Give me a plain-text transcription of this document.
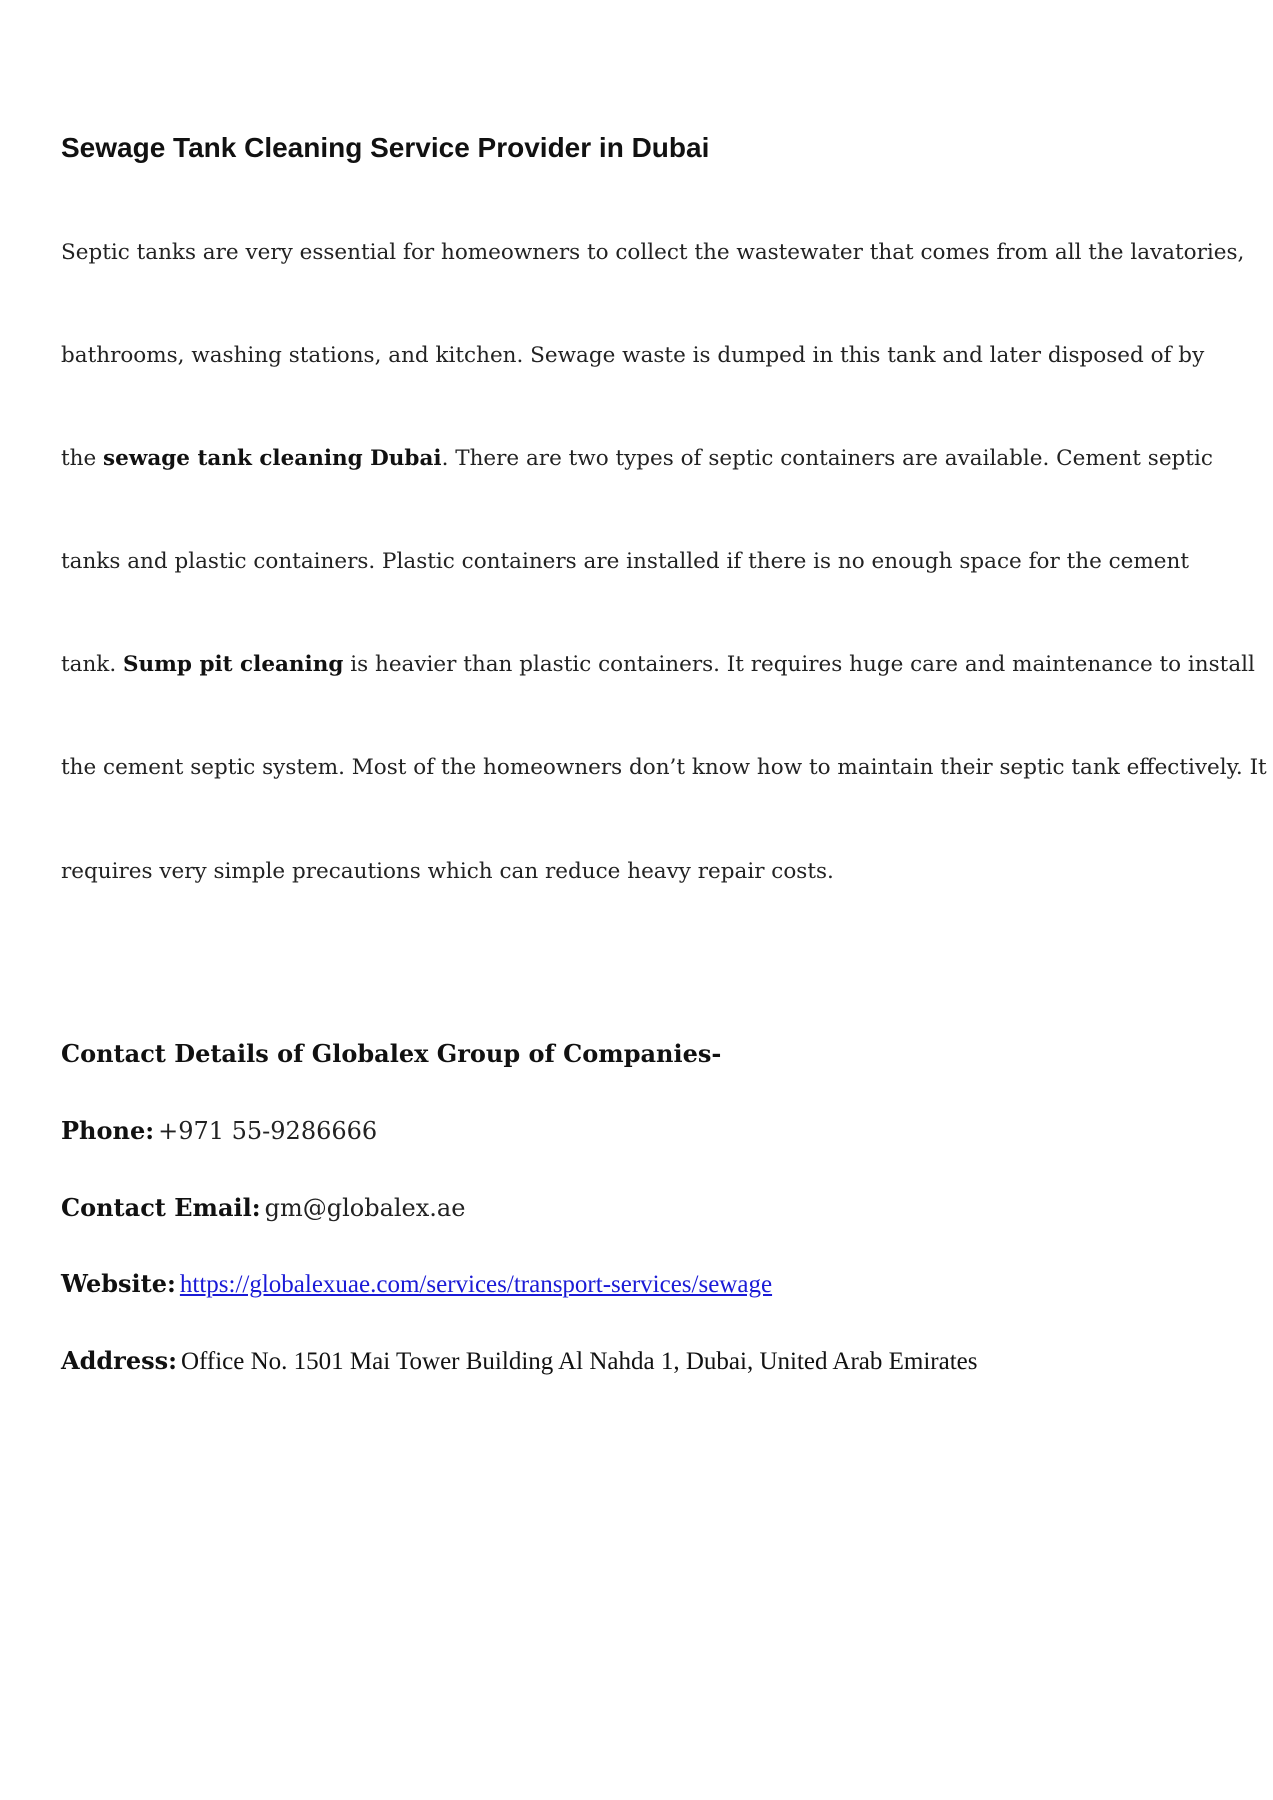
Sewage Tank Cleaning Service Provider in Dubai
Septic tanks are very essential for homeowners to collect the wastewater that comes from all the lavatories,
bathrooms, washing stations, and kitchen. Sewage waste is dumped in this tank and later disposed of by
the sewage tank cleaning Dubai. There are two types of septic containers are available. Cement septic
tanks and plastic containers. Plastic containers are installed if there is no enough space for the cement
tank. Sump pit cleaning is heavier than plastic containers. It requires huge care and maintenance to install
the cement septic system. Most of the homeowners don’t know how to maintain their septic tank effectively. It
requires very simple precautions which can reduce heavy repair costs.
Contact Details of Globalex Group of Companies-

Phone: +971 55-9286666

Contact Email: gm@globalex.ae

Website: https://globalexuae.com/services/transport-services/sewage

Address: Office No. 1501 Mai Tower Building Al Nahda 1, Dubai, United Arab Emirates
